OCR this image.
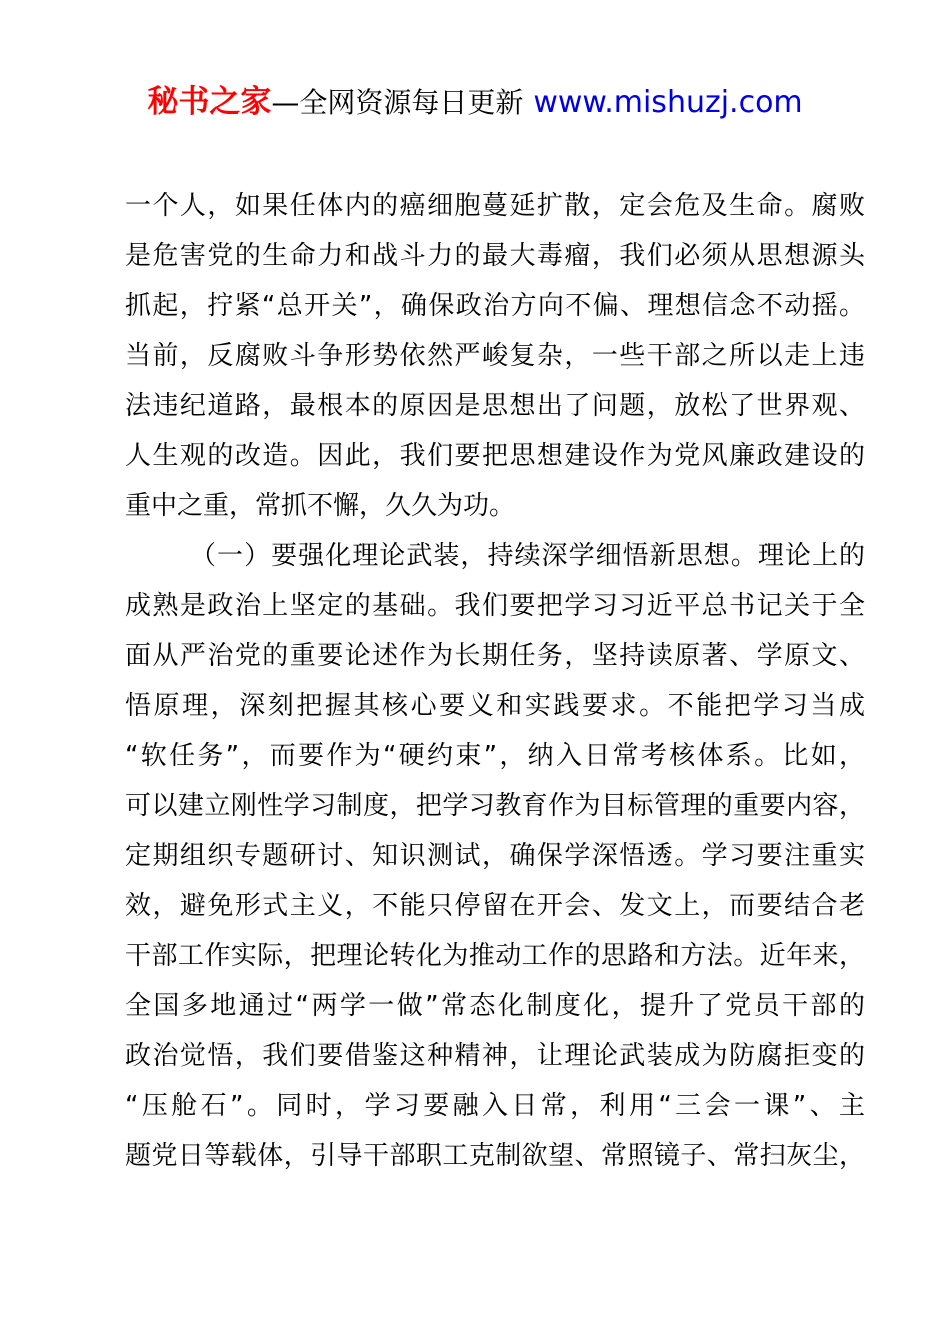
秘书之家—全网资源每日更新 www.mishuzj.com
一个人，如果任体内的癌细胞蔓延扩散，定会危及生命。腐败
是危害党的生命力和战斗力的最大毒瘤，我们必须从思想源头
抓起，拧紧“总开关”，确保政治方向不偏、理想信念不动摇。
当前，反腐败斗争形势依然严峻复杂，一些干部之所以走上违
法违纪道路，最根本的原因是思想出了问题，放松了世界观、
人生观的改造。因此，我们要把思想建设作为党风廉政建设的
重中之重，常抓不懈，久久为功。
（一）要强化理论武装，持续深学细悟新思想。理论上的
成熟是政治上坚定的基础。我们要把学习习近平总书记关于全
面从严治党的重要论述作为长期任务，坚持读原著、学原文、
悟原理，深刻把握其核心要义和实践要求。不能把学习当成
“软任务”，而要作为“硬约束”，纳入日常考核体系。比如，
可以建立刚性学习制度，把学习教育作为目标管理的重要内容，
定期组织专题研讨、知识测试，确保学深悟透。学习要注重实
效，避免形式主义，不能只停留在开会、发文上，而要结合老
干部工作实际，把理论转化为推动工作的思路和方法。近年来，
全国多地通过“两学一做”常态化制度化，提升了党员干部的
政治觉悟，我们要借鉴这种精神，让理论武装成为防腐拒变的
“压舱石”。同时，学习要融入日常，利用“三会一课”、主
题党日等载体，引导干部职工克制欲望、常照镜子、常扫灰尘，
